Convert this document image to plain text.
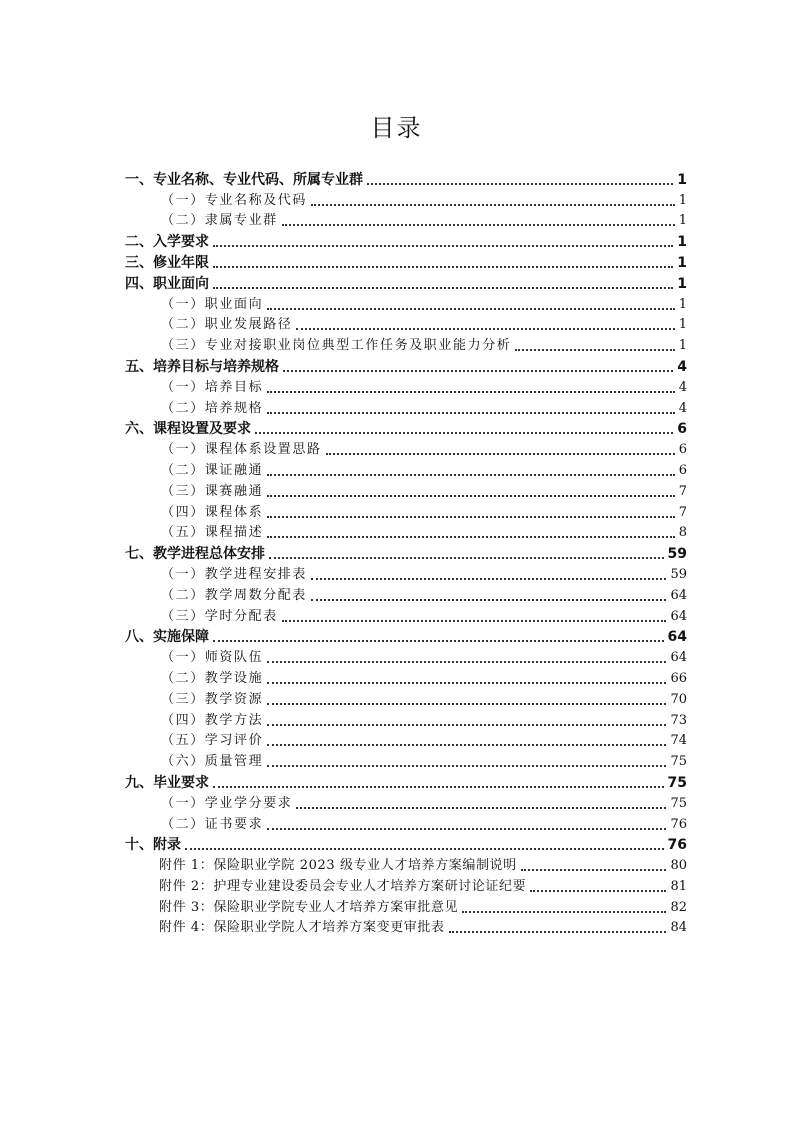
目录
一、专业名称、专业代码、所属专业群	1
（一）专业名称及代码	1
（二）隶属专业群	1
二、入学要求	1
三、修业年限	1
四、职业面向	1
（一）职业面向	1
（二）职业发展路径	1
（三）专业对接职业岗位典型工作任务及职业能力分析	1
五、培养目标与培养规格	4
（一）培养目标	4
（二）培养规格	4
六、课程设置及要求	6
（一）课程体系设置思路	6
（二）课证融通	6
（三）课赛融通	7
（四）课程体系	7
（五）课程描述	8
七、教学进程总体安排	59
（一）教学进程安排表	59
（二）教学周数分配表	64
（三）学时分配表	64
八、实施保障	64
（一）师资队伍	64
（二）教学设施	66
（三）教学资源	70
（四）教学方法	73
（五）学习评价	74
（六）质量管理	75
九、毕业要求	75
（一）学业学分要求	75
（二）证书要求	76
十、附录	76
附件 1：保险职业学院 2023 级专业人才培养方案编制说明	80
附件 2：护理专业建设委员会专业人才培养方案研讨论证纪要	81
附件 3：保险职业学院专业人才培养方案审批意见	82
附件 4：保险职业学院人才培养方案变更审批表	84
